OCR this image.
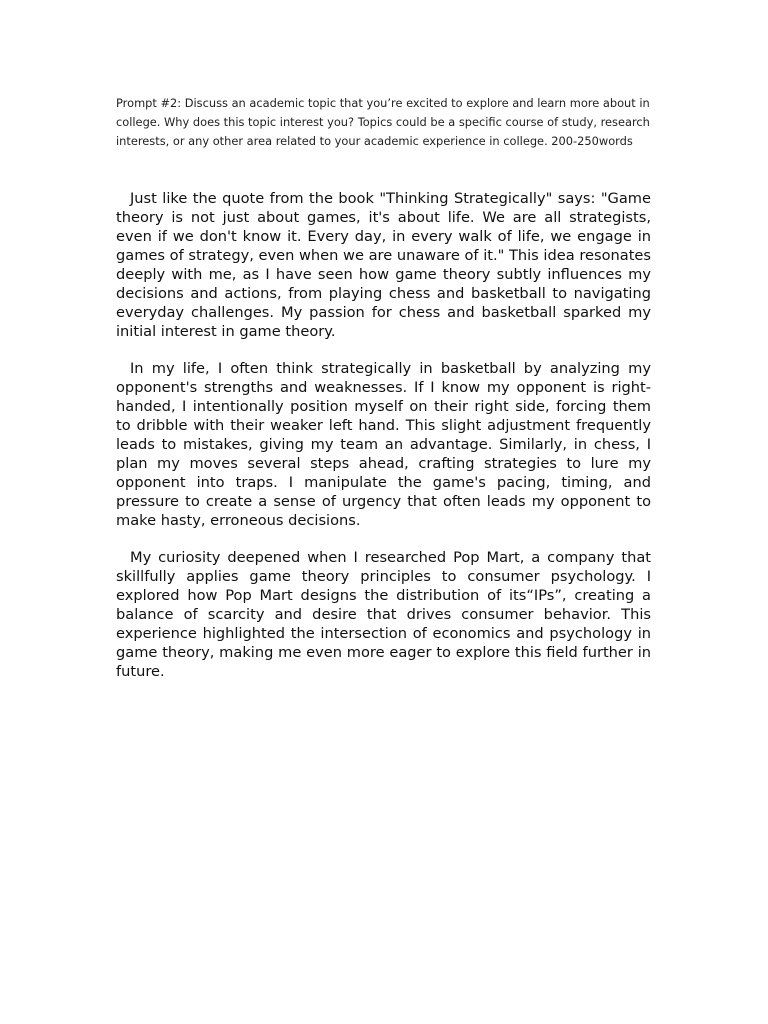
Prompt #2: Discuss an academic topic that you’re excited to explore and learn more about in college. Why does this topic interest you? Topics could be a specific course of study, research interests, or any other area related to your academic experience in college. 200-250words

Just like the quote from the book "Thinking Strategically" says: "Game theory is not just about games, it's about life. We are all strategists, even if we don't know it. Every day, in every walk of life, we engage in games of strategy, even when we are unaware of it." This idea resonates deeply with me, as I have seen how game theory subtly influences my decisions and actions, from playing chess and basketball to navigating everyday challenges. My passion for chess and basketball sparked my initial interest in game theory.

In my life, I often think strategically in basketball by analyzing my opponent's strengths and weaknesses. If I know my opponent is right-handed, I intentionally position myself on their right side, forcing them to dribble with their weaker left hand. This slight adjustment frequently leads to mistakes, giving my team an advantage. Similarly, in chess, I plan my moves several steps ahead, crafting strategies to lure my opponent into traps. I manipulate the game's pacing, timing, and pressure to create a sense of urgency that often leads my opponent to make hasty, erroneous decisions.

My curiosity deepened when I researched Pop Mart, a company that skillfully applies game theory principles to consumer psychology. I explored how Pop Mart designs the distribution of its“IPs”, creating a balance of scarcity and desire that drives consumer behavior. This experience highlighted the intersection of economics and psychology in game theory, making me even more eager to explore this field further in future.
